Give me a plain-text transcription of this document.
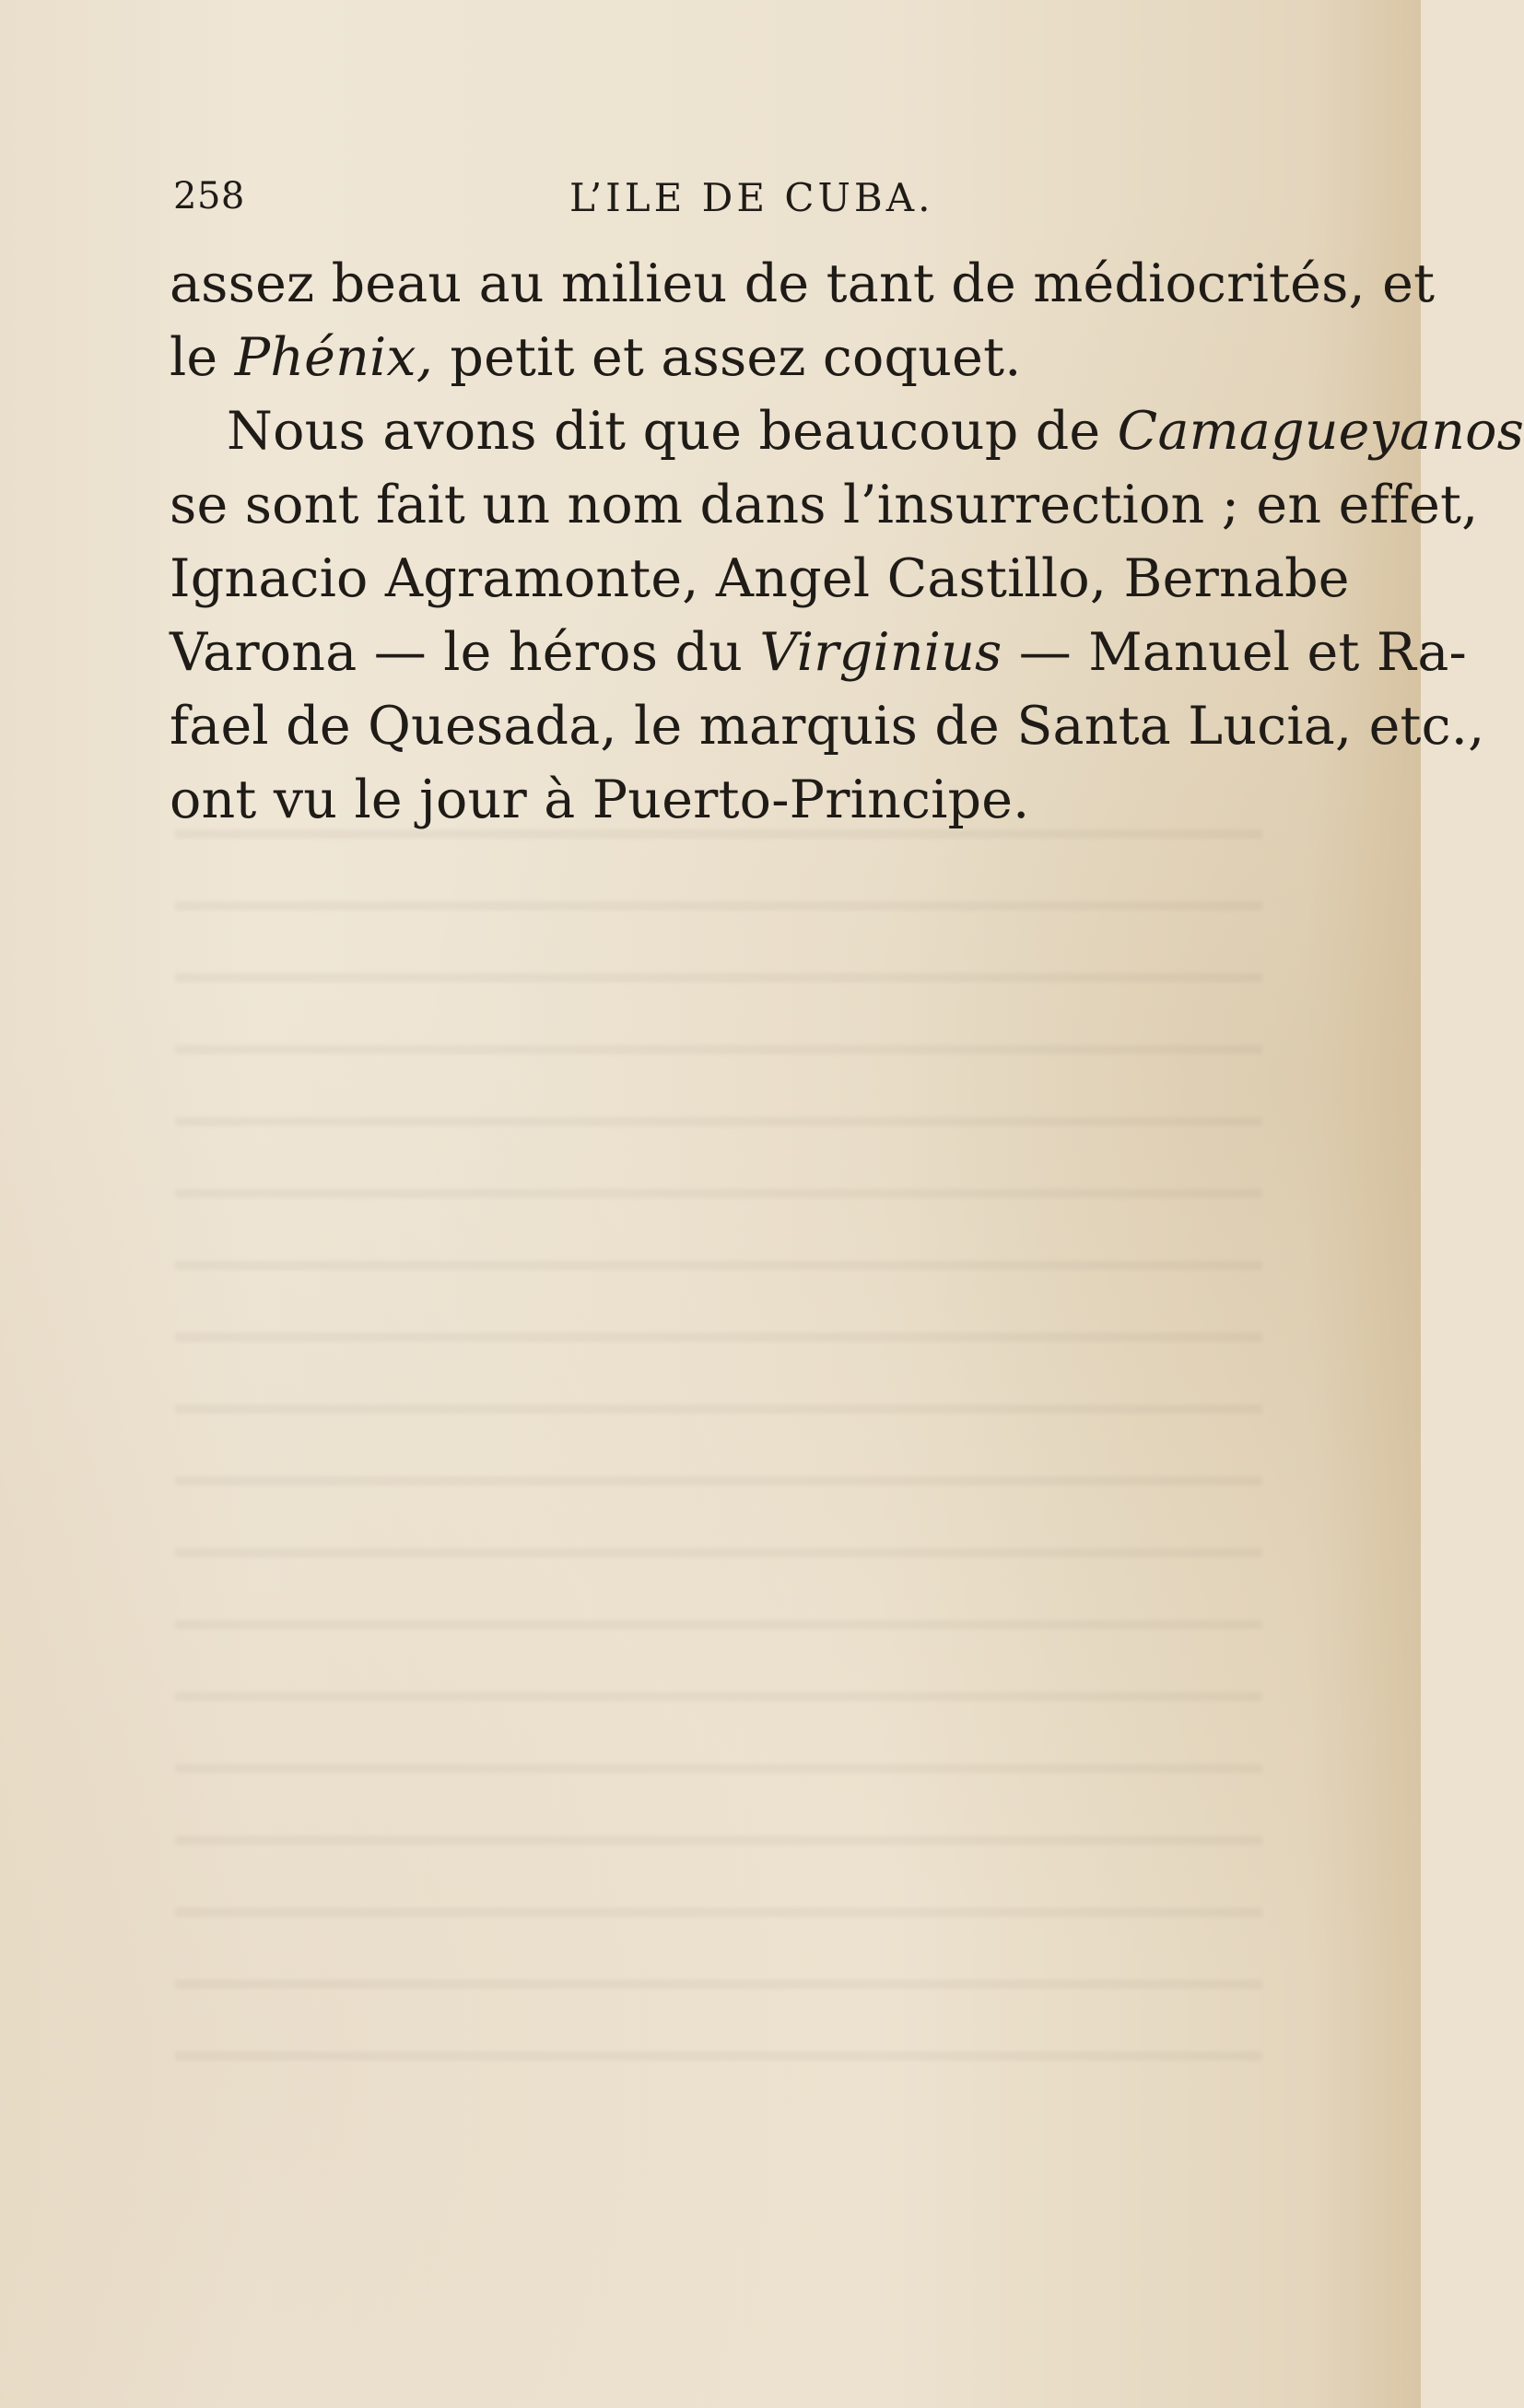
258	L’ILE DE CUBA.
assez beau au milieu de tant de médiocrités, et
le Phénix, petit et assez coquet.
Nous avons dit que beaucoup de Camagueyanos
se sont fait un nom dans l’insurrection ; en effet,
Ignacio Agramonte, Angel Castillo, Bernabe
Varona — le héros du Virginius — Manuel et Ra-
fael de Quesada, le marquis de Santa Lucia, etc.,
ont vu le jour à Puerto-Principe.
